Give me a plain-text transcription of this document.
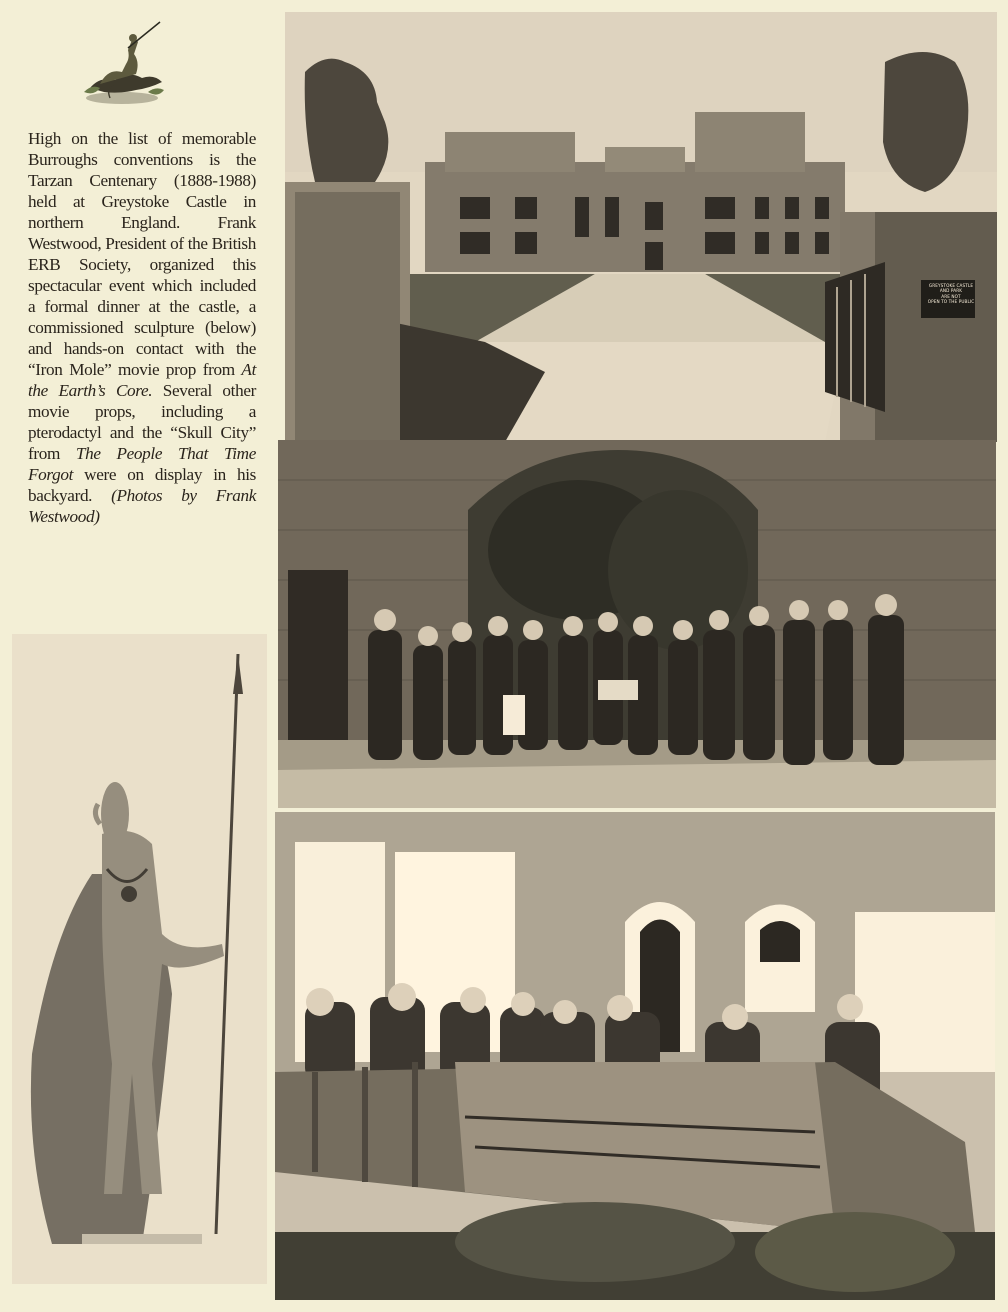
High on the list of memorable Burroughs conventions is the Tarzan Centenary (1888-1988) held at Greystoke Castle in northern England. Frank Westwood, President of the British ERB Society, organized this spectacular event which included a formal dinner at the castle, a commissioned sculpture (below) and hands-on contact with the “Iron Mole” movie prop from At the Earth’s Core. Several other movie props, including a pterodactyl and the “Skull City” from The People That Time Forgot were on display in his backyard. (Photos by Frank Westwood)
GREYSTOKE CASTLE
AND PARK
ARE NOT
OPEN TO THE PUBLIC
